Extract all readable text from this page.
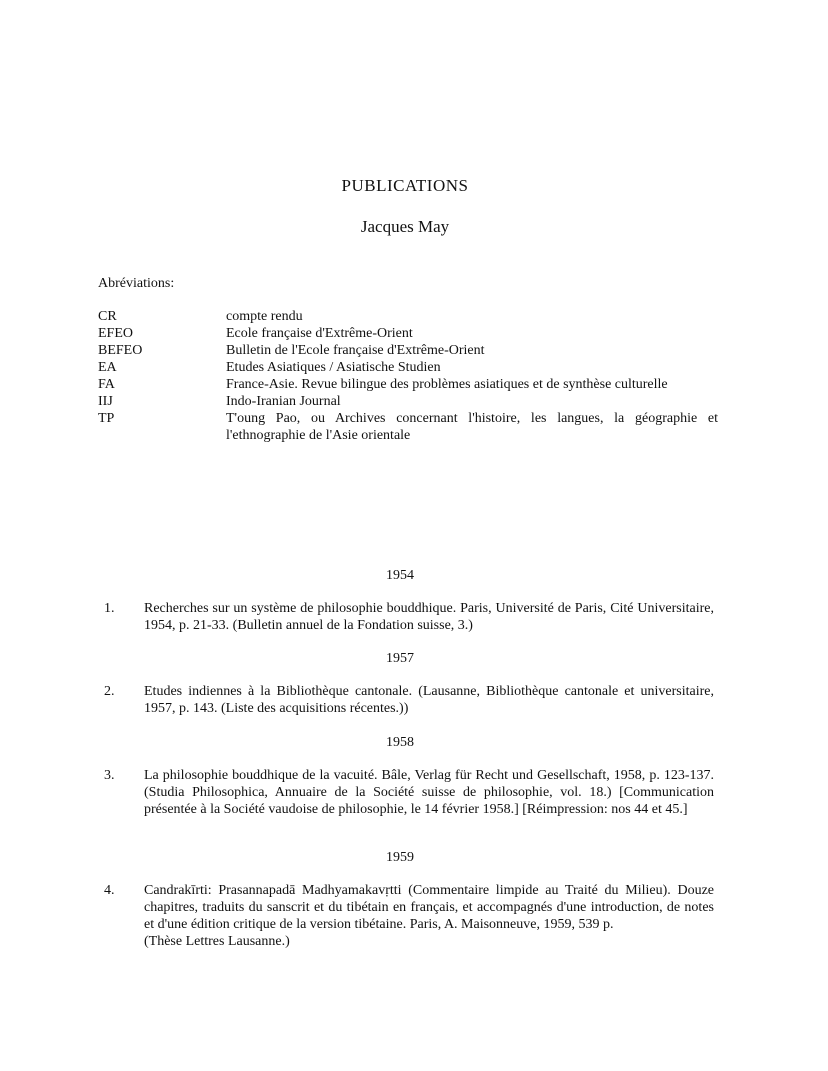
PUBLICATIONS
Jacques May
Abréviations:
CR	compte rendu
EFEO	Ecole française d'Extrême-Orient
BEFEO	Bulletin de l'Ecole française d'Extrême-Orient
EA	Etudes Asiatiques / Asiatische Studien
FA	France-Asie. Revue bilingue des problèmes asiatiques et de synthèse culturelle
IIJ	Indo-Iranian Journal
TP	T'oung Pao, ou Archives concernant l'histoire, les langues, la géographie et l'ethnographie de l'Asie orientale
1954
1.	Recherches sur un système de philosophie bouddhique. Paris, Université de Paris, Cité Universitaire, 1954, p. 21-33. (Bulletin annuel de la Fondation suisse, 3.)
1957
2.	Etudes indiennes à la Bibliothèque cantonale. (Lausanne, Bibliothèque cantonale et universitaire, 1957, p. 143. (Liste des acquisitions récentes.))
1958
3.	La philosophie bouddhique de la vacuité. Bâle, Verlag für Recht und Gesellschaft, 1958, p. 123-137. (Studia Philosophica, Annuaire de la Société suisse de philosophie, vol. 18.) [Communication présentée à la Société vaudoise de philosophie, le 14 février 1958.] [Réimpression: nos 44 et 45.]
1959
4.	Candrakīrti: Prasannapadā Madhyamakavṛtti (Commentaire limpide au Traité du Milieu). Douze chapitres, traduits du sanscrit et du tibétain en français, et accompagnés d'une introduction, de notes et d'une édition critique de la version tibétaine. Paris, A. Maisonneuve, 1959, 539 p.
(Thèse Lettres Lausanne.)
